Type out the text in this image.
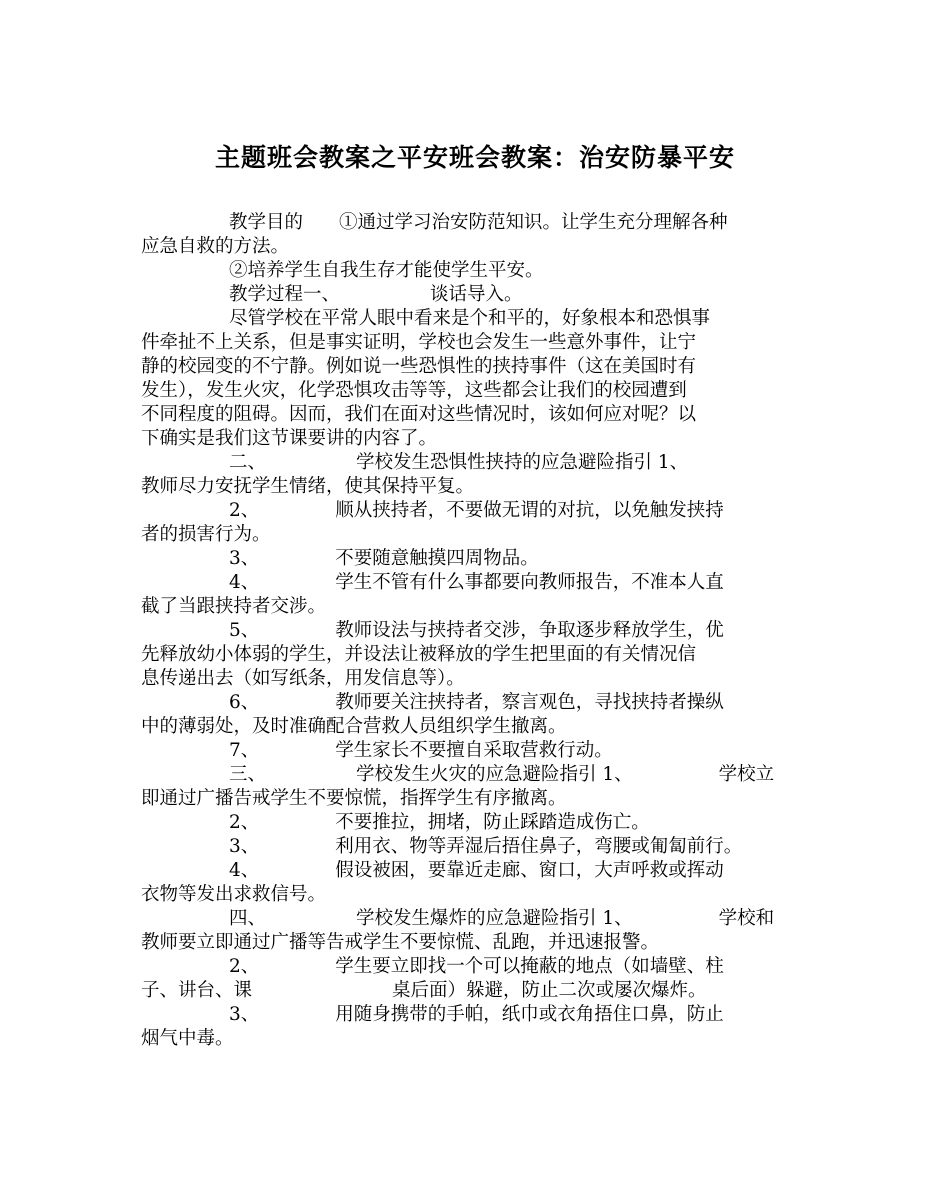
主题班会教案之平安班会教案：治安防暴平安
教学目的 ①通过学习治安防范知识。让学生充分理解各种
应急自救的方法。
②培养学生自我生存才能使学生平安。
教学过程一、	谈话导入。
尽管学校在平常人眼中看来是个和平的，好象根本和恐惧事
件牵扯不上关系，但是事实证明，学校也会发生一些意外事件，让宁
静的校园变的不宁静。例如说一些恐惧性的挟持事件（这在美国时有
发生），发生火灾，化学恐惧攻击等等，这些都会让我们的校园遭到
不同程度的阻碍。因而，我们在面对这些情况时，该如何应对呢？以
下确实是我们这节课要讲的内容了。
二、	学校发生恐惧性挟持的应急避险指引 1、
教师尽力安抚学生情绪，使其保持平复。
2、	顺从挟持者，不要做无谓的对抗，以免触发挟持
者的损害行为。
3、	不要随意触摸四周物品。
4、	学生不管有什么事都要向教师报告，不准本人直
截了当跟挟持者交涉。
5、	教师设法与挟持者交涉，争取逐步释放学生，优
先释放幼小体弱的学生，并设法让被释放的学生把里面的有关情况信
息传递出去（如写纸条，用发信息等）。
6、	教师要关注挟持者，察言观色，寻找挟持者操纵
中的薄弱处，及时准确配合营救人员组织学生撤离。
7、	学生家长不要擅自采取营救行动。
三、	学校发生火灾的应急避险指引 1、	学校立
即通过广播告戒学生不要惊慌，指挥学生有序撤离。
2、	不要推拉，拥堵，防止踩踏造成伤亡。
3、	利用衣、物等弄湿后捂住鼻子，弯腰或匍匐前行。
4、	假设被困，要靠近走廊、窗口，大声呼救或挥动
衣物等发出求救信号。
四、	学校发生爆炸的应急避险指引 1、	学校和
教师要立即通过广播等告戒学生不要惊慌、乱跑，并迅速报警。
2、	学生要立即找一个可以掩蔽的地点（如墙壁、柱
子、讲台、课	桌后面）躲避，防止二次或屡次爆炸。
3、	用随身携带的手帕，纸巾或衣角捂住口鼻，防止
烟气中毒。
